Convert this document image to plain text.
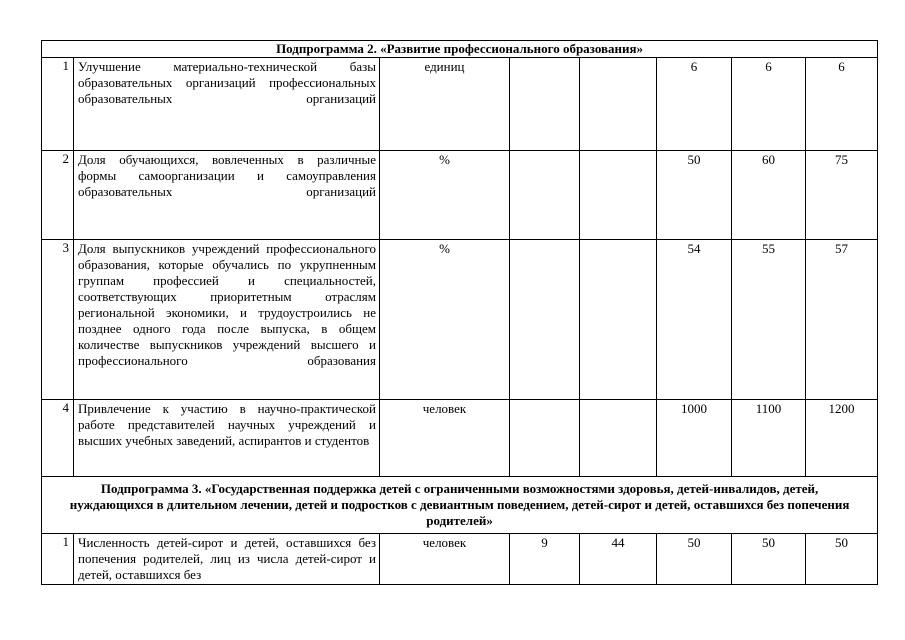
Подпрограмма 2. «Развитие профессионального образования»							
1	Улучшение материально-технической базы образовательных организаций профессиональных образовательных организаций	единиц			6	6	6
2	Доля обучающихся, вовлеченных в различные формы самоорганизации и самоуправления образовательных организаций	%			50	60	75
3	Доля выпускников учреждений профессионального образования, которые обучались по укрупненным группам профессией и специальностей, соответствующих приоритетным отраслям региональной экономики, и трудоустроились не позднее одного года после выпуска, в общем количестве выпускников учреждений высшего и профессионального образования	%			54	55	57
4	Привлечение к участию в научно-практической работе представителей научных учреждений и высших учебных заведений, аспирантов и студентов	человек			1000	1100	1200
Подпрограмма 3. «Государственная поддержка детей с ограниченными возможностями здоровья, детей-инвалидов, детей, нуждающихся в длительном лечении, детей и подростков с девиантным поведением, детей-сирот и детей, оставшихся без попечения родителей»							
1	Численность детей-сирот и детей, оставшихся без попечения родителей, лиц из числа детей-сирот и детей, оставшихся без	человек	9	44	50	50	50
